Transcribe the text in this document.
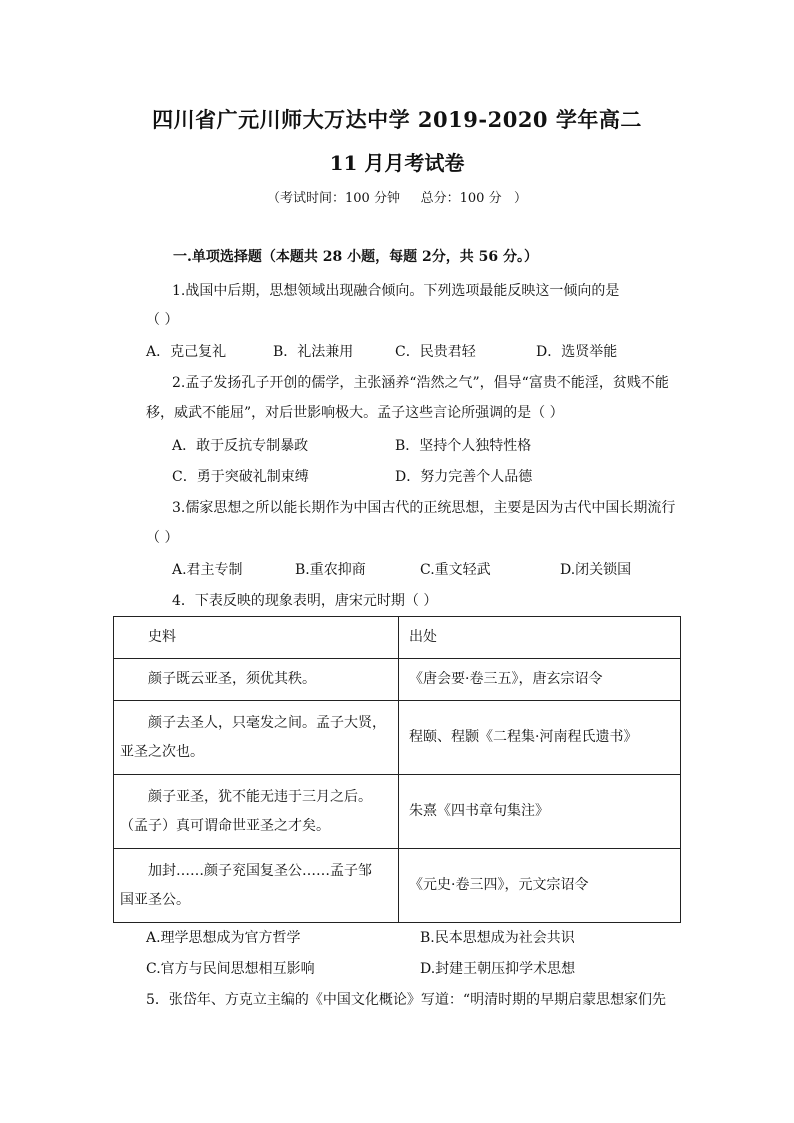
四川省广元川师大万达中学 2019-2020 学年高二
11 月月考试卷
（考试时间：100 分钟     总分：100 分   ）
一.单项选择题（本题共 28 小题，每题 2分，共 56 分。）
1.战国中后期，思想领域出现融合倾向。下列选项最能反映这一倾向的是
（ ）
A．克己复礼	B．礼法兼用	C．民贵君轻	D．选贤举能
2.孟子发扬孔子开创的儒学，主张涵养“浩然之气”，倡导“富贵不能淫，贫贱不能
移，威武不能屈”，对后世影响极大。孟子这些言论所强调的是（ ）
A．敢于反抗专制暴政	B．坚持个人独特性格
C．勇于突破礼制束缚	D．努力完善个人品德
3.儒家思想之所以能长期作为中国古代的正统思想，主要是因为古代中国长期流行
（ ）
A.君主专制	B.重农抑商	C.重文轻武	D.闭关锁国
4．下表反映的现象表明，唐宋元时期（ ）
史料	出处
颜子既云亚圣，须优其秩。	《唐会要·卷三五》，唐玄宗诏令
颜子去圣人，只毫发之间。孟子大贤，
亚圣之次也。	程颐、程颢《二程集·河南程氏遗书》
颜子亚圣，犹不能无违于三月之后。
（孟子）真可谓命世亚圣之才矣。	朱熹《四书章句集注》
加封……颜子兖国复圣公……孟子邹
国亚圣公。	《元史·卷三四》，元文宗诏令
A.理学思想成为官方哲学	B.民本思想成为社会共识
C.官方与民间思想相互影响	D.封建王朝压抑学术思想
5．张岱年、方克立主编的《中国文化概论》写道：“明清时期的早期启蒙思想家们先
